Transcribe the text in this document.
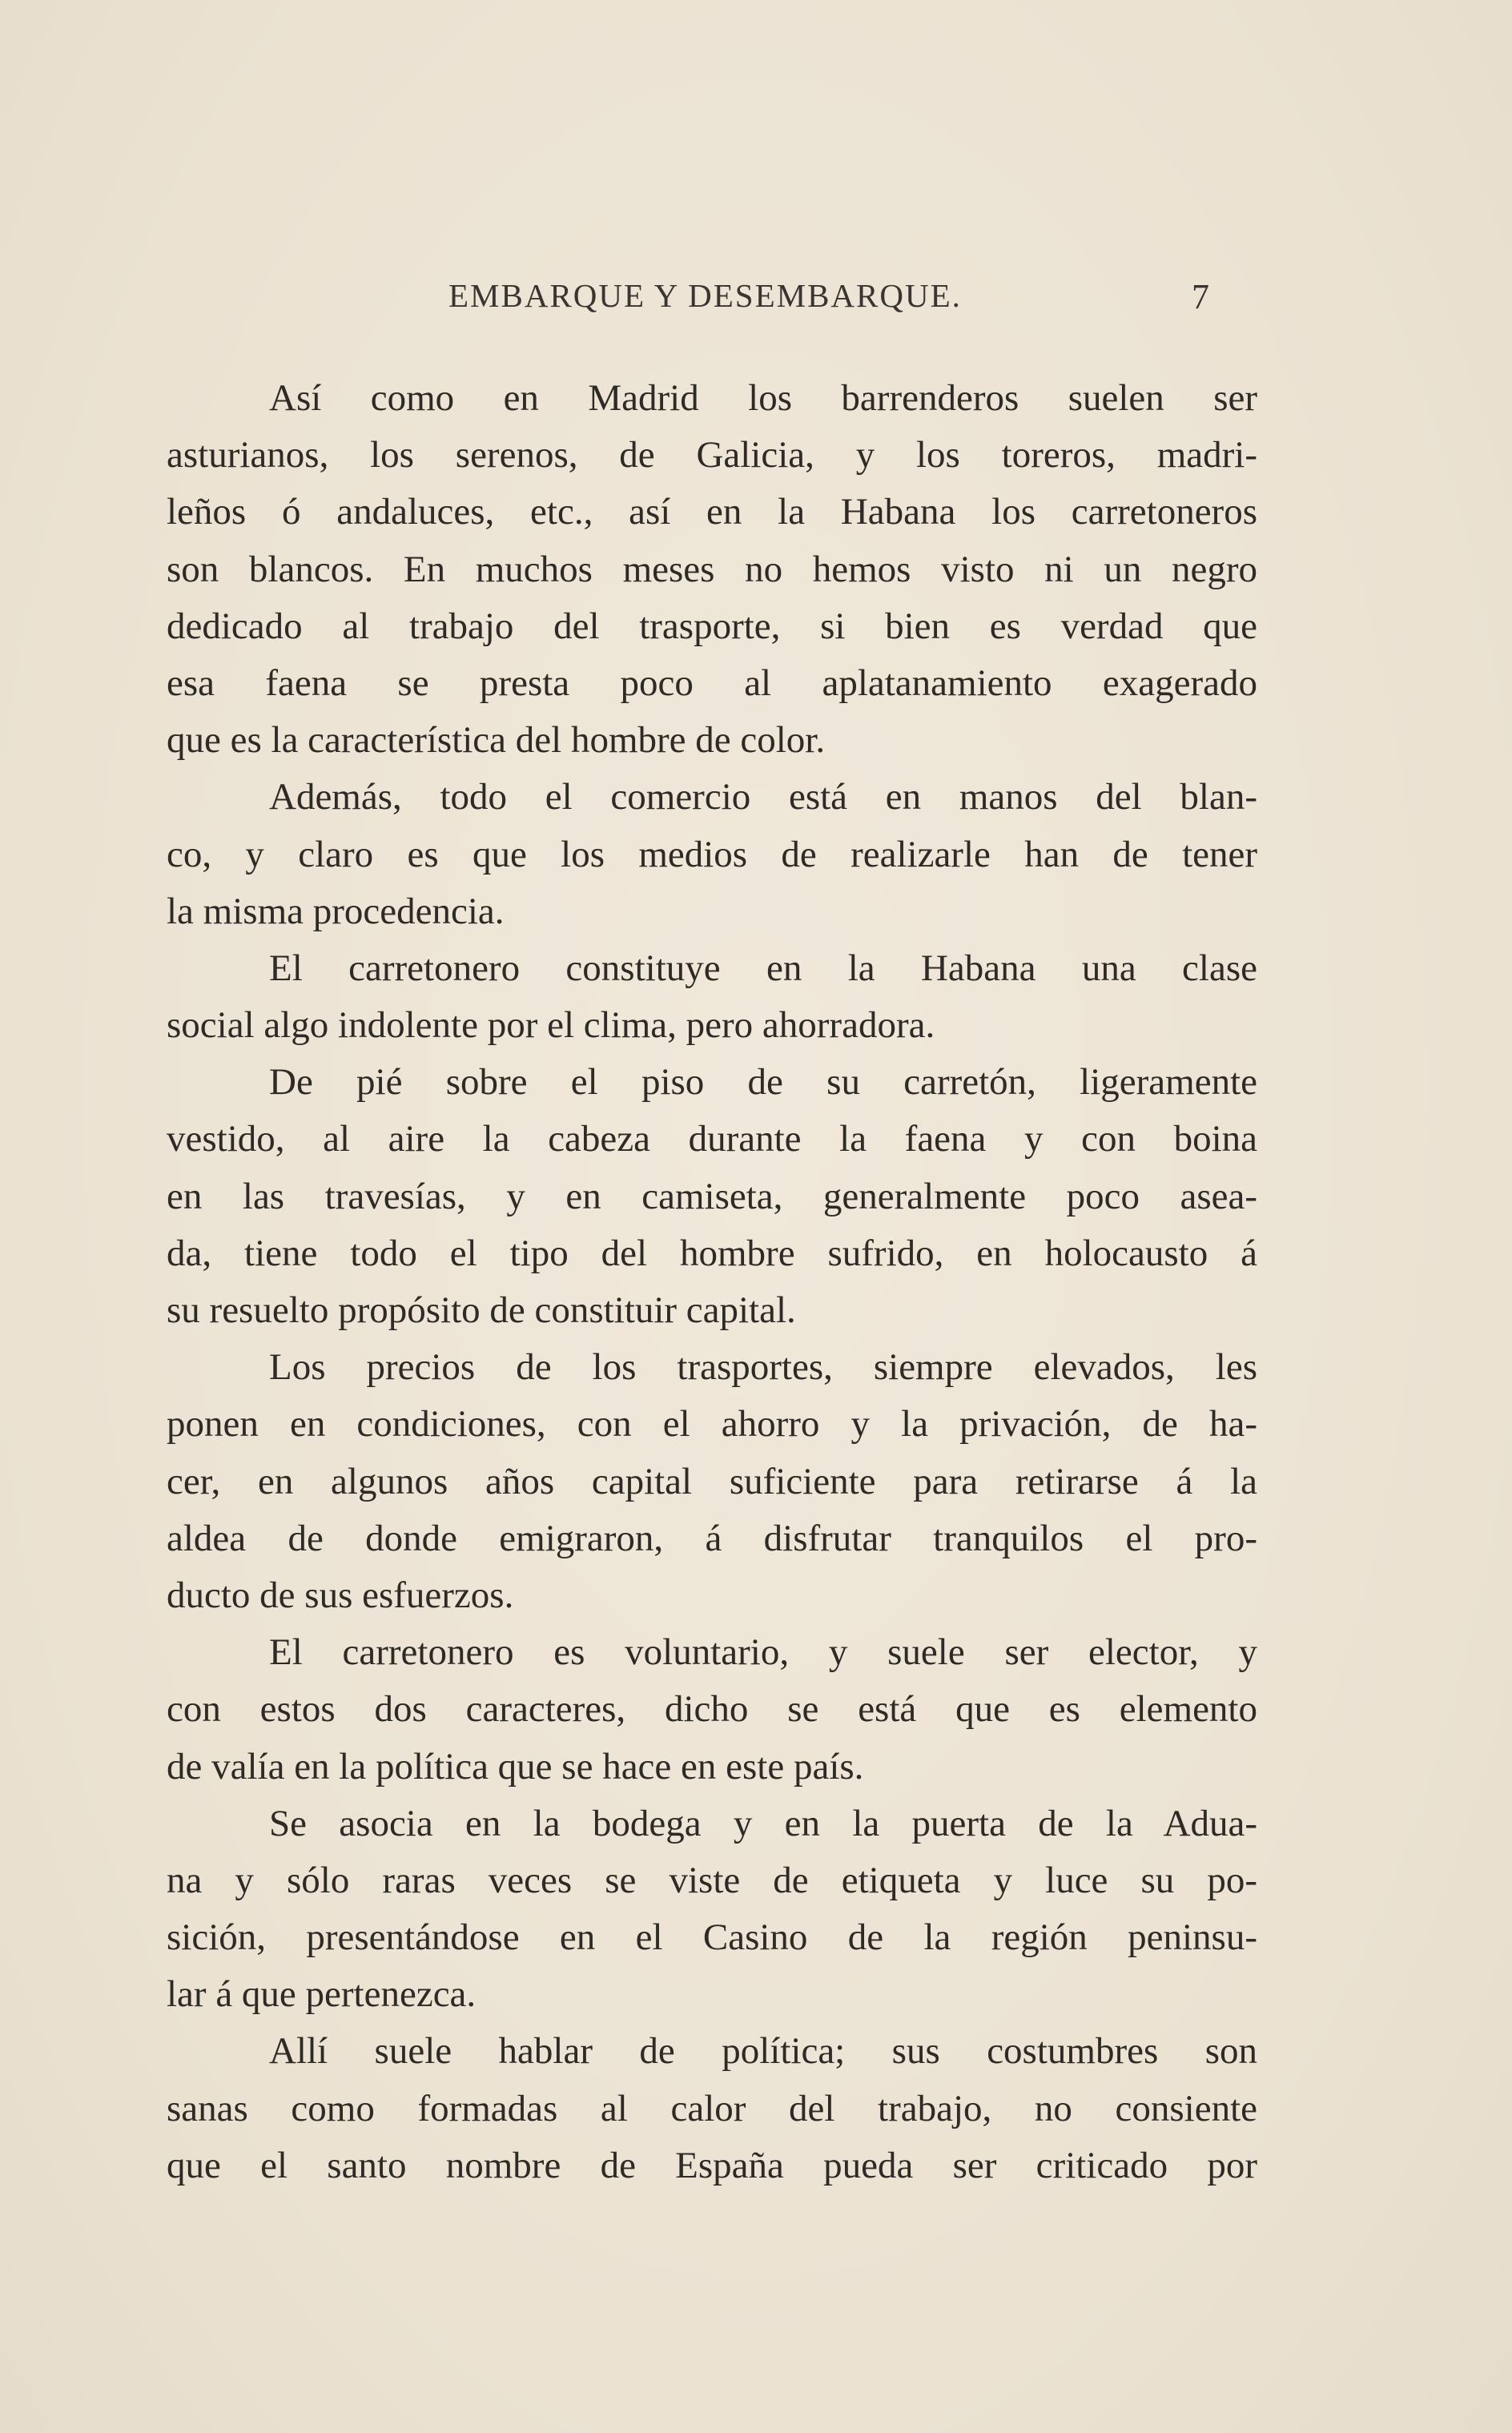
EMBARQUE Y DESEMBARQUE.	7
Así como en Madrid los barrenderos suelen ser
asturianos, los serenos, de Galicia, y los toreros, madri-
leños ó andaluces, etc., así en la Habana los carretoneros
son blancos. En muchos meses no hemos visto ni un negro
dedicado al trabajo del trasporte, si bien es verdad que
esa faena se presta poco al aplatanamiento exagerado
que es la característica del hombre de color.
Además, todo el comercio está en manos del blan-
co, y claro es que los medios de realizarle han de tener
la misma procedencia.
El carretonero constituye en la Habana una clase
social algo indolente por el clima, pero ahorradora.
De pié sobre el piso de su carretón, ligeramente
vestido, al aire la cabeza durante la faena y con boina
en las travesías, y en camiseta, generalmente poco asea-
da, tiene todo el tipo del hombre sufrido, en holocausto á
su resuelto propósito de constituir capital.
Los precios de los trasportes, siempre elevados, les
ponen en condiciones, con el ahorro y la privación, de ha-
cer, en algunos años capital suficiente para retirarse á la
aldea de donde emigraron, á disfrutar tranquilos el pro-
ducto de sus esfuerzos.
El carretonero es voluntario, y suele ser elector, y
con estos dos caracteres, dicho se está que es elemento
de valía en la política que se hace en este país.
Se asocia en la bodega y en la puerta de la Adua-
na y sólo raras veces se viste de etiqueta y luce su po-
sición, presentándose en el Casino de la región peninsu-
lar á que pertenezca.
Allí suele hablar de política; sus costumbres son
sanas como formadas al calor del trabajo, no consiente
que el santo nombre de España pueda ser criticado por
